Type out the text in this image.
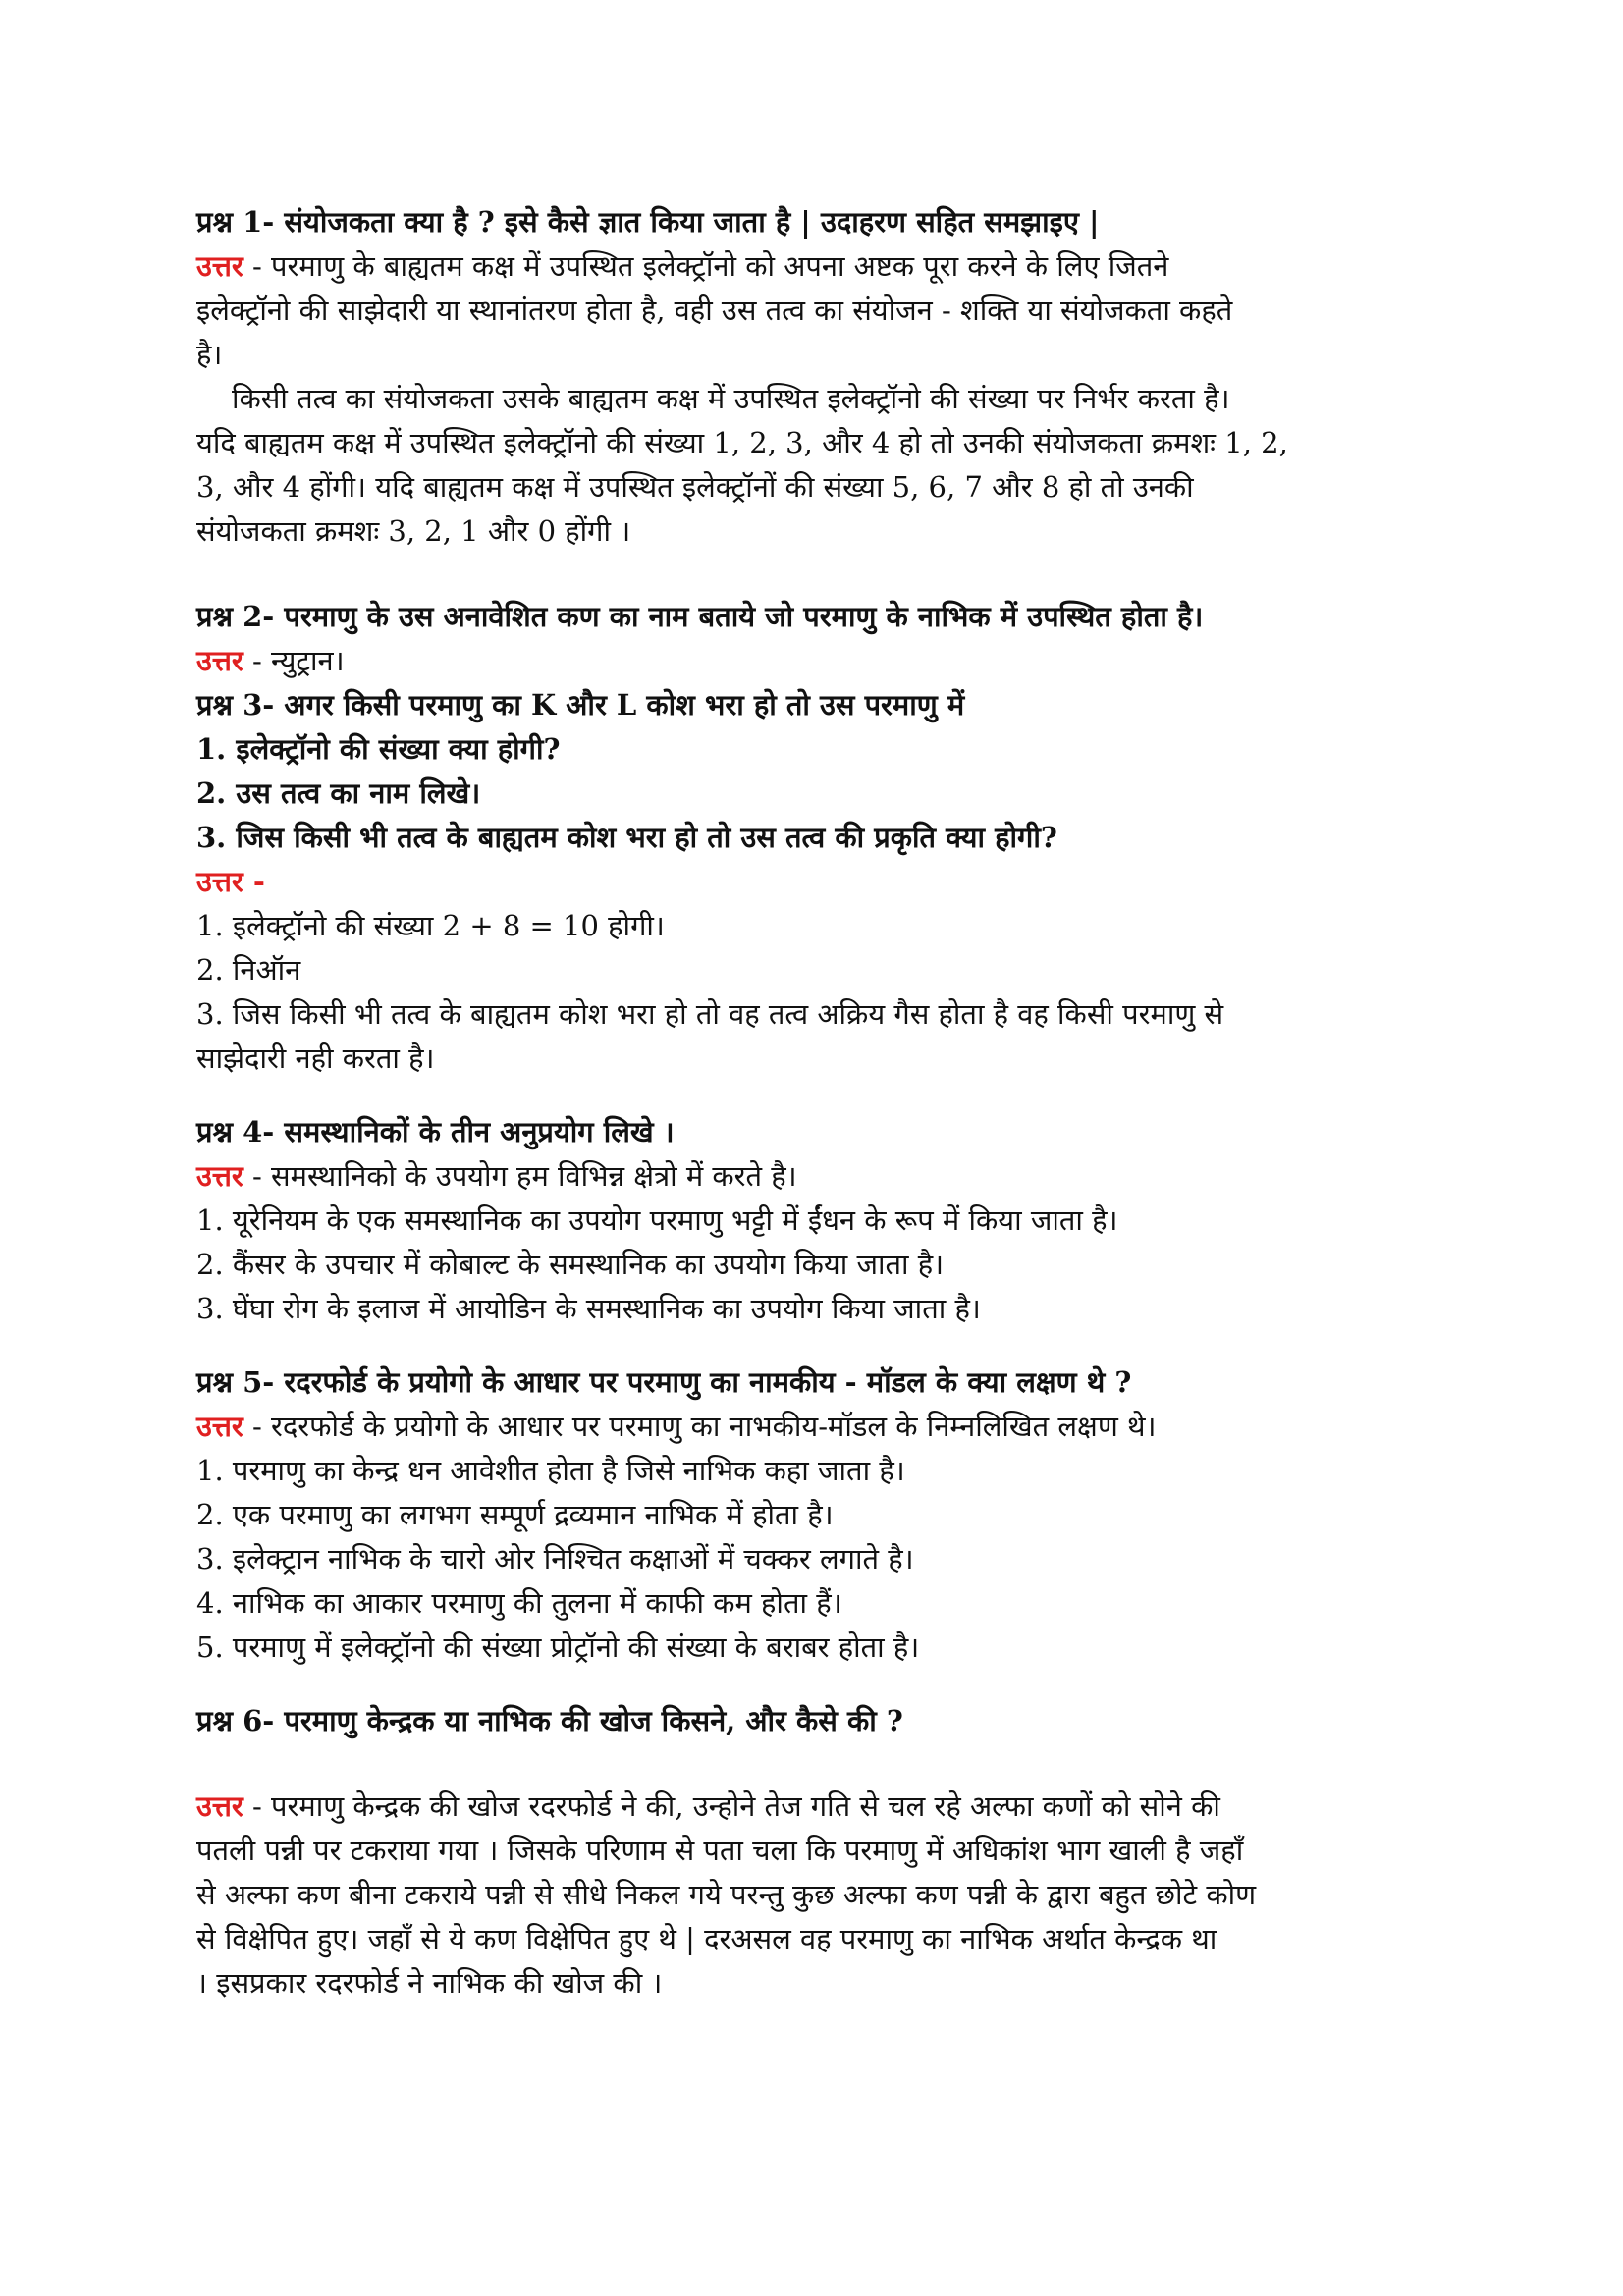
प्रश्न 1- संयोजकता क्या है ? इसे कैसे ज्ञात किया जाता है | उदाहरण सहित समझाइए |
उत्तर - परमाणु के बाह्यतम कक्ष में उपस्थित इलेक्ट्रॉनो को अपना अष्टक पूरा करने के लिए जितने
इलेक्ट्रॉनो की साझेदारी या स्थानांतरण होता है, वही उस तत्व का संयोजन - शक्ति या संयोजकता कहते
है।
किसी तत्व का संयोजकता उसके बाह्यतम कक्ष में उपस्थित इलेक्ट्रॉनो की संख्या पर निर्भर करता है।
यदि बाह्यतम कक्ष में उपस्थित इलेक्ट्रॉनो की संख्या 1, 2, 3, और 4 हो तो उनकी संयोजकता क्रमशः 1, 2,
3, और 4 होंगी। यदि बाह्यतम कक्ष में उपस्थित इलेक्ट्रॉनों की संख्या 5, 6, 7 और 8 हो तो उनकी
संयोजकता क्रमशः 3, 2, 1 और 0 होंगी ।
प्रश्न 2- परमाणु के उस अनावेशित कण का नाम बताये जो परमाणु के नाभिक में उपस्थित होता है।
उत्तर - न्युट्रान।
प्रश्न 3- अगर किसी परमाणु का K और L कोश भरा हो तो उस परमाणु में
1. इलेक्ट्रॉनो की संख्या क्या होगी?
2. उस तत्व का नाम लिखे।
3. जिस किसी भी तत्व के बाह्यतम कोश भरा हो तो उस तत्व की प्रकृति क्या होगी?
उत्तर -
1. इलेक्ट्रॉनो की संख्या 2 + 8 = 10 होगी।
2. निऑन
3. जिस किसी भी तत्व के बाह्यतम कोश भरा हो तो वह तत्व अक्रिय गैस होता है वह किसी परमाणु से
साझेदारी नही करता है।
प्रश्न 4- समस्थानिकों के तीन अनुप्रयोग लिखे ।
उत्तर - समस्थानिको के उपयोग हम विभिन्न क्षेत्रो में करते है।
1. यूरेनियम के एक समस्थानिक का उपयोग परमाणु भट्टी में ईंधन के रूप में किया जाता है।
2. कैंसर के उपचार में कोबाल्ट के समस्थानिक का उपयोग किया जाता है।
3. घेंघा रोग के इलाज में आयोडिन के समस्थानिक का उपयोग किया जाता है।
प्रश्न 5- रदरफोर्ड के प्रयोगो के आधार पर परमाणु का नामकीय - मॉडल के क्या लक्षण थे ?
उत्तर - रदरफोर्ड के प्रयोगो के आधार पर परमाणु का नाभकीय-मॉडल के निम्नलिखित लक्षण थे।
1. परमाणु का केन्द्र धन आवेशीत होता है जिसे नाभिक कहा जाता है।
2. एक परमाणु का लगभग सम्पूर्ण द्रव्यमान नाभिक में होता है।
3. इलेक्ट्रान नाभिक के चारो ओर निश्चित कक्षाओं में चक्कर लगाते है।
4. नाभिक का आकार परमाणु की तुलना में काफी कम होता हैं।
5. परमाणु में इलेक्ट्रॉनो की संख्या प्रोट्रॉनो की संख्या के बराबर होता है।
प्रश्न 6- परमाणु केन्द्रक या नाभिक की खोज किसने, और कैसे की ?
उत्तर - परमाणु केन्द्रक की खोज रदरफोर्ड ने की, उन्होने तेज गति से चल रहे अल्फा कणों को सोने की
पतली पन्नी पर टकराया गया । जिसके परिणाम से पता चला कि परमाणु में अधिकांश भाग खाली है जहाँ
से अल्फा कण बीना टकराये पन्नी से सीधे निकल गये परन्तु कुछ अल्फा कण पन्नी के द्वारा बहुत छोटे कोण
से विक्षेपित हुए। जहाँ से ये कण विक्षेपित हुए थे | दरअसल वह परमाणु का नाभिक अर्थात केन्द्रक था
। इसप्रकार रदरफोर्ड ने नाभिक की खोज की ।
